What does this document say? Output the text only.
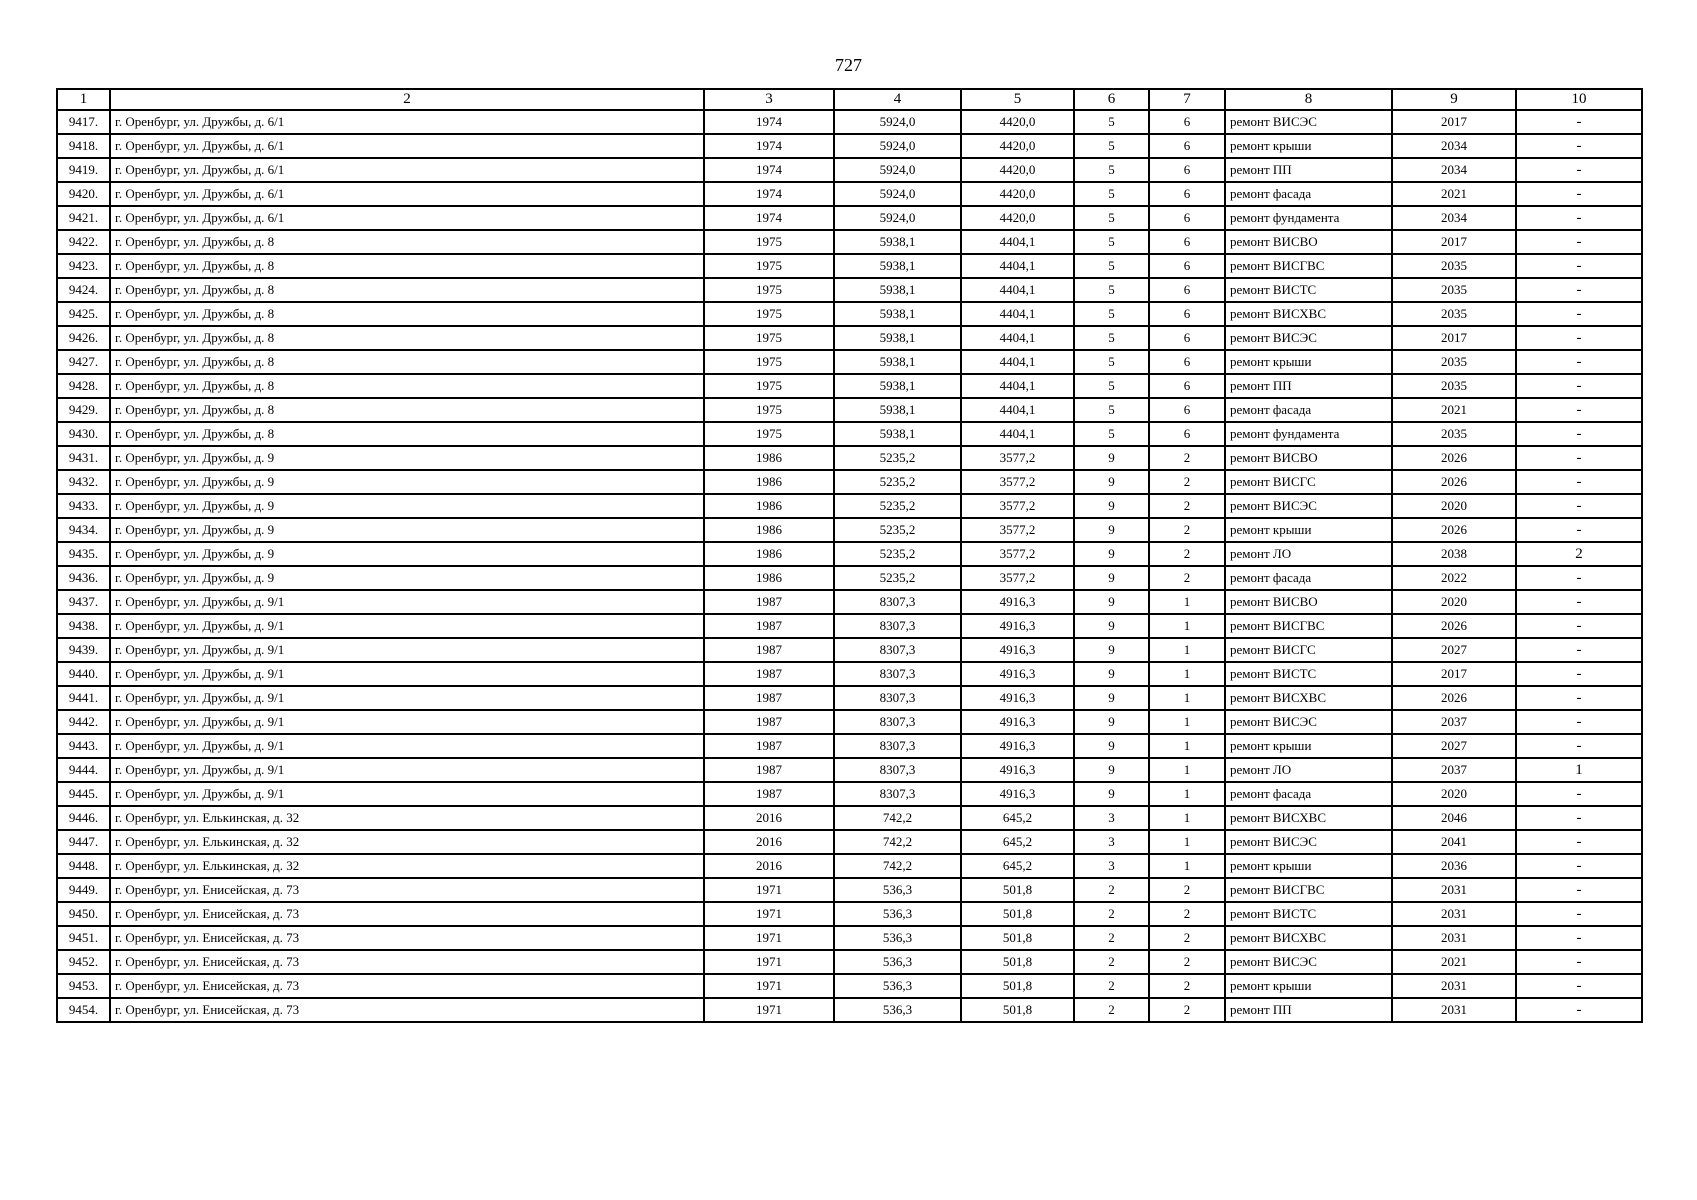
727
1	2	3	4	5	6	7	8	9	10
9417.	г. Оренбург, ул. Дружбы, д. 6/1	1974	5924,0	4420,0	5	6	ремонт ВИСЭС	2017	-
9418.	г. Оренбург, ул. Дружбы, д. 6/1	1974	5924,0	4420,0	5	6	ремонт крыши	2034	-
9419.	г. Оренбург, ул. Дружбы, д. 6/1	1974	5924,0	4420,0	5	6	ремонт ПП	2034	-
9420.	г. Оренбург, ул. Дружбы, д. 6/1	1974	5924,0	4420,0	5	6	ремонт фасада	2021	-
9421.	г. Оренбург, ул. Дружбы, д. 6/1	1974	5924,0	4420,0	5	6	ремонт фундамента	2034	-
9422.	г. Оренбург, ул. Дружбы, д. 8	1975	5938,1	4404,1	5	6	ремонт ВИСВО	2017	-
9423.	г. Оренбург, ул. Дружбы, д. 8	1975	5938,1	4404,1	5	6	ремонт ВИСГВС	2035	-
9424.	г. Оренбург, ул. Дружбы, д. 8	1975	5938,1	4404,1	5	6	ремонт ВИСТС	2035	-
9425.	г. Оренбург, ул. Дружбы, д. 8	1975	5938,1	4404,1	5	6	ремонт ВИСХВС	2035	-
9426.	г. Оренбург, ул. Дружбы, д. 8	1975	5938,1	4404,1	5	6	ремонт ВИСЭС	2017	-
9427.	г. Оренбург, ул. Дружбы, д. 8	1975	5938,1	4404,1	5	6	ремонт крыши	2035	-
9428.	г. Оренбург, ул. Дружбы, д. 8	1975	5938,1	4404,1	5	6	ремонт ПП	2035	-
9429.	г. Оренбург, ул. Дружбы, д. 8	1975	5938,1	4404,1	5	6	ремонт фасада	2021	-
9430.	г. Оренбург, ул. Дружбы, д. 8	1975	5938,1	4404,1	5	6	ремонт фундамента	2035	-
9431.	г. Оренбург, ул. Дружбы, д. 9	1986	5235,2	3577,2	9	2	ремонт ВИСВО	2026	-
9432.	г. Оренбург, ул. Дружбы, д. 9	1986	5235,2	3577,2	9	2	ремонт ВИСГС	2026	-
9433.	г. Оренбург, ул. Дружбы, д. 9	1986	5235,2	3577,2	9	2	ремонт ВИСЭС	2020	-
9434.	г. Оренбург, ул. Дружбы, д. 9	1986	5235,2	3577,2	9	2	ремонт крыши	2026	-
9435.	г. Оренбург, ул. Дружбы, д. 9	1986	5235,2	3577,2	9	2	ремонт ЛО	2038	2
9436.	г. Оренбург, ул. Дружбы, д. 9	1986	5235,2	3577,2	9	2	ремонт фасада	2022	-
9437.	г. Оренбург, ул. Дружбы, д. 9/1	1987	8307,3	4916,3	9	1	ремонт ВИСВО	2020	-
9438.	г. Оренбург, ул. Дружбы, д. 9/1	1987	8307,3	4916,3	9	1	ремонт ВИСГВС	2026	-
9439.	г. Оренбург, ул. Дружбы, д. 9/1	1987	8307,3	4916,3	9	1	ремонт ВИСГС	2027	-
9440.	г. Оренбург, ул. Дружбы, д. 9/1	1987	8307,3	4916,3	9	1	ремонт ВИСТС	2017	-
9441.	г. Оренбург, ул. Дружбы, д. 9/1	1987	8307,3	4916,3	9	1	ремонт ВИСХВС	2026	-
9442.	г. Оренбург, ул. Дружбы, д. 9/1	1987	8307,3	4916,3	9	1	ремонт ВИСЭС	2037	-
9443.	г. Оренбург, ул. Дружбы, д. 9/1	1987	8307,3	4916,3	9	1	ремонт крыши	2027	-
9444.	г. Оренбург, ул. Дружбы, д. 9/1	1987	8307,3	4916,3	9	1	ремонт ЛО	2037	1
9445.	г. Оренбург, ул. Дружбы, д. 9/1	1987	8307,3	4916,3	9	1	ремонт фасада	2020	-
9446.	г. Оренбург, ул. Елькинская, д. 32	2016	742,2	645,2	3	1	ремонт ВИСХВС	2046	-
9447.	г. Оренбург, ул. Елькинская, д. 32	2016	742,2	645,2	3	1	ремонт ВИСЭС	2041	-
9448.	г. Оренбург, ул. Елькинская, д. 32	2016	742,2	645,2	3	1	ремонт крыши	2036	-
9449.	г. Оренбург, ул. Енисейская, д. 73	1971	536,3	501,8	2	2	ремонт ВИСГВС	2031	-
9450.	г. Оренбург, ул. Енисейская, д. 73	1971	536,3	501,8	2	2	ремонт ВИСТС	2031	-
9451.	г. Оренбург, ул. Енисейская, д. 73	1971	536,3	501,8	2	2	ремонт ВИСХВС	2031	-
9452.	г. Оренбург, ул. Енисейская, д. 73	1971	536,3	501,8	2	2	ремонт ВИСЭС	2021	-
9453.	г. Оренбург, ул. Енисейская, д. 73	1971	536,3	501,8	2	2	ремонт крыши	2031	-
9454.	г. Оренбург, ул. Енисейская, д. 73	1971	536,3	501,8	2	2	ремонт ПП	2031	-
